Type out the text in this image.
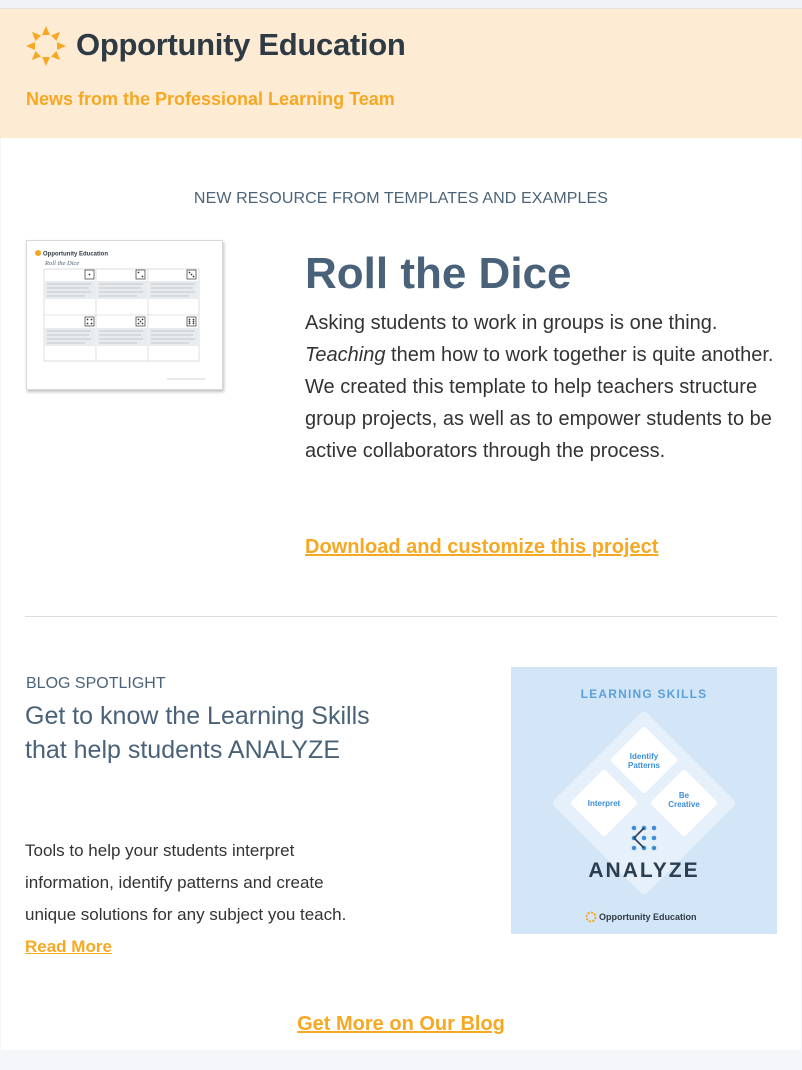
Opportunity Education
News from the Professional Learning Team
NEW RESOURCE FROM TEMPLATES AND EXAMPLES
Opportunity Education
Roll the Dice	Roll the Dice
Asking students to work in groups is one thing.
Teaching them how to work together is quite another. We created this template to help teachers structure group projects, as well as to empower students to be active collaborators through the process.
Download and customize this project
BLOG SPOTLIGHT
Get to know the Learning Skills that help students ANALYZE
Tools to help your students interpret information, identify patterns and create unique solutions for any subject you teach. Read More
LEARNING SKILLS
Identify
Patterns
Interpret
Be
Creative
ANALYZE
Opportunity Education
Get More on Our Blog
